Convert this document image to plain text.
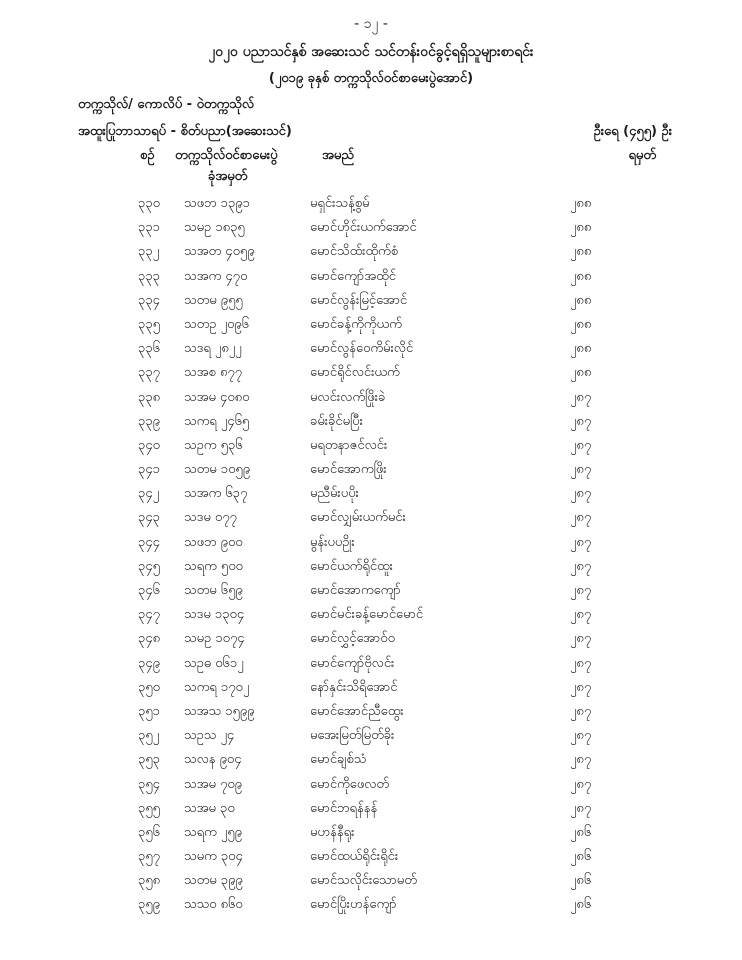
- ၁၂ -
၂၀၂၀ ပညာသင်နှစ် အဆေးသင် သင်တန်းဝင်ခွင့်ရရှိသူများစာရင်း
(၂၀၁၉ ခုနှစ် တက္ကသိုလ်ဝင်စာမေးပွဲအောင်)
တက္ကသိုလ်/ ကောလိပ် - ဝဲတက္ကသိုလ်
အထူးပြုဘာသာရပ် - စိတ်ပညာ(အဆေးသင်)	ဦးရေ (၄၅၅) ဦး
စဉ် တက္ကသိုလ်ဝင်စာမေးပွဲ
ခုံအမှတ်
အမည်	ရမှတ်
၃၃၀ သဖဘ ၁၃၉၁	မရှင်းသန့်စွမ်	၂၈၈
၃၃၁ သမဥ ၁၈၃၅	မောင်ဟိုင်းယက်အောင်	၂၈၈
၃၃၂ သအတ ၄၀၅၉	မောင်သိထ်းထိုက်စံ	၂၈၈
၃၃၃ သအက ၄၇၀	မောင်ကျော်အထိုင်	၂၈၈
၃၃၄ သတမ ၉၅၅	မောင်လွန်းမြင့်အောင်	၂၈၈
၃၃၅ သတဥ ၂၀၉၆	မောင်ခန့်ကိုကိုယက်	၂၈၈
၃၃၆ သဒရ ၂၈၂၂	မောင်လွန်ဝေကိမ်းလိုင်	၂၈၈
၃၃၇ သအစ ၈၇၇	မောင်ရိုင်လင်းယက်	၂၈၈
၃၃၈ သအမ ၄၀၈၀	မလင်းလက်ဖြိုးခဲ	၂၈၇
၃၃၉ သကရ ၂၄၆၅	ခမ်းခိုင်မပြီး	၂၈၇
၃၄၀ သဥက ၅၃၆	မရတနာဇင်လင်း	၂၈၇
၃၄၁ သတမ ၁၀၅၉	မောင်အောကဖြိုး	၂၈၇
၃၄၂ သအက ၆၃၇	မညီမ်းပပိုး	၂၈၇
၃၄၃ သဒမ ၀၇၇	မောင်လျှမ်းယက်မင်း	၂၈၇
၃၄၄ သဖဘ ၉၀၀	မွန်းပပဥိုး	၂၈၇
၃၄၅ သရက ၅၀၀	မောင်ယက်ရိုင်ထူး	၂၈၇
၃၄၆ သတမ ၆၅၉	မောင်အောကကျော်	၂၈၇
၃၄၇ သဒမ ၁၃၀၄	မောင်မင်းခန့်မောင်မောင်	၂၈၇
၃၄၈ သမဥ ၁၀၇၄	မောင်လွှင့်အောဝ်ဝ	၂၈၇
၃၄၉ သဥဓ ၀၆၁၂	မောင်ကျော်ဗိုလင်း	၂၈၇
၃၅၀ သကရ ၁၇၀၂	နော်နှင်းသိရိအောင်	၂၈၇
၃၅၁ သအသ ၁၅၉၉	မောင်အောင်ညီထွေး	၂၈၇
၃၅၂ သဥသ ၂၄	မအေးမြတ်မြတ်ခိုး	၂၈၇
၃၅၃ သလန ၉၀၄	မောင်ချစ်သံ	၂၈၇
၃၅၄ သအမ ၇၀၉	မောင်ကိုဖေလတ်	၂၈၇
၃၅၅ သအမ ၃၀	မောင်ဘရန်နန်	၂၈၇
၃၅၆ သရက ၂၅၉	မဟန်နီရုး	၂၈၆
၃၅၇ သမက ၃၀၄	မောင်ထယ်ရိုင်းရိုင်း	၂၈၆
၃၅၈ သတမ ၃၉၉	မောင်သလိုင်းသောမတ်	၂၈၆
၃၅၉ သသဝ ၈၆၀	မောင်ပြိုးဟန်ကျော်	၂၈၆
